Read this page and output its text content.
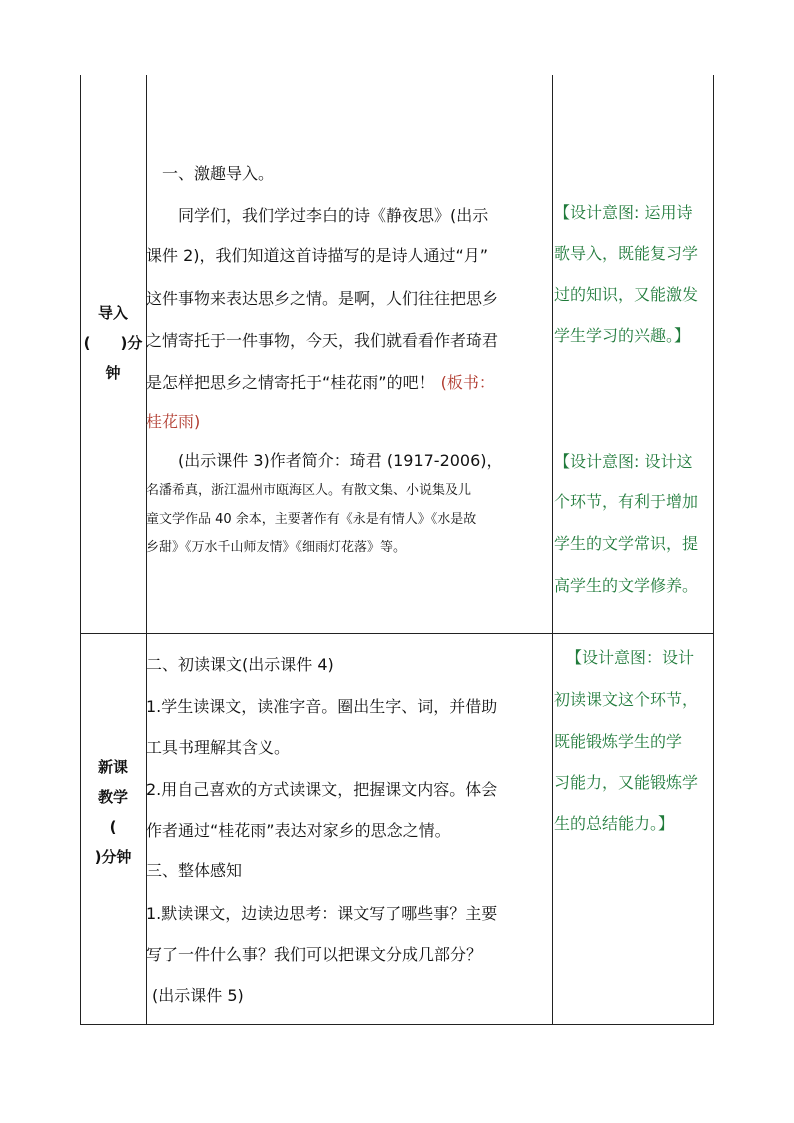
导入
(　　)分
钟
一、激趣导入。
　　同学们，我们学过李白的诗《静夜思》(出示
课件 2)，我们知道这首诗描写的是诗人通过“月”
这件事物来表达思乡之情。是啊，人们往往把思乡
之情寄托于一件事物，今天，我们就看看作者琦君
是怎样把思乡之情寄托于“桂花雨”的吧！ (板书：
桂花雨)
　　(出示课件 3)作者简介：琦君 (1917-2006)，
名潘希真，浙江温州市瓯海区人。有散文集、小说集及儿
童文学作品 40 余本，主要著作有《永是有情人》《水是故
乡甜》《万水千山师友情》《细雨灯花落》等。
【设计意图: 运用诗
歌导入，既能复习学
过的知识，又能激发
学生学习的兴趣。】
【设计意图: 设计这
个环节，有利于增加
学生的文学常识，提
高学生的文学修养。
新课
教学
(
)分钟
二、初读课文(出示课件 4)
1.学生读课文，读准字音。圈出生字、词，并借助
工具书理解其含义。
2.用自己喜欢的方式读课文，把握课文内容。体会
作者通过“桂花雨”表达对家乡的思念之情。
三、整体感知
1.默读课文，边读边思考：课文写了哪些事？主要
写了一件什么事？我们可以把课文分成几部分？
(出示课件 5)
【设计意图：设计
初读课文这个环节，
既能锻炼学生的学
习能力，又能锻炼学
生的总结能力。】
